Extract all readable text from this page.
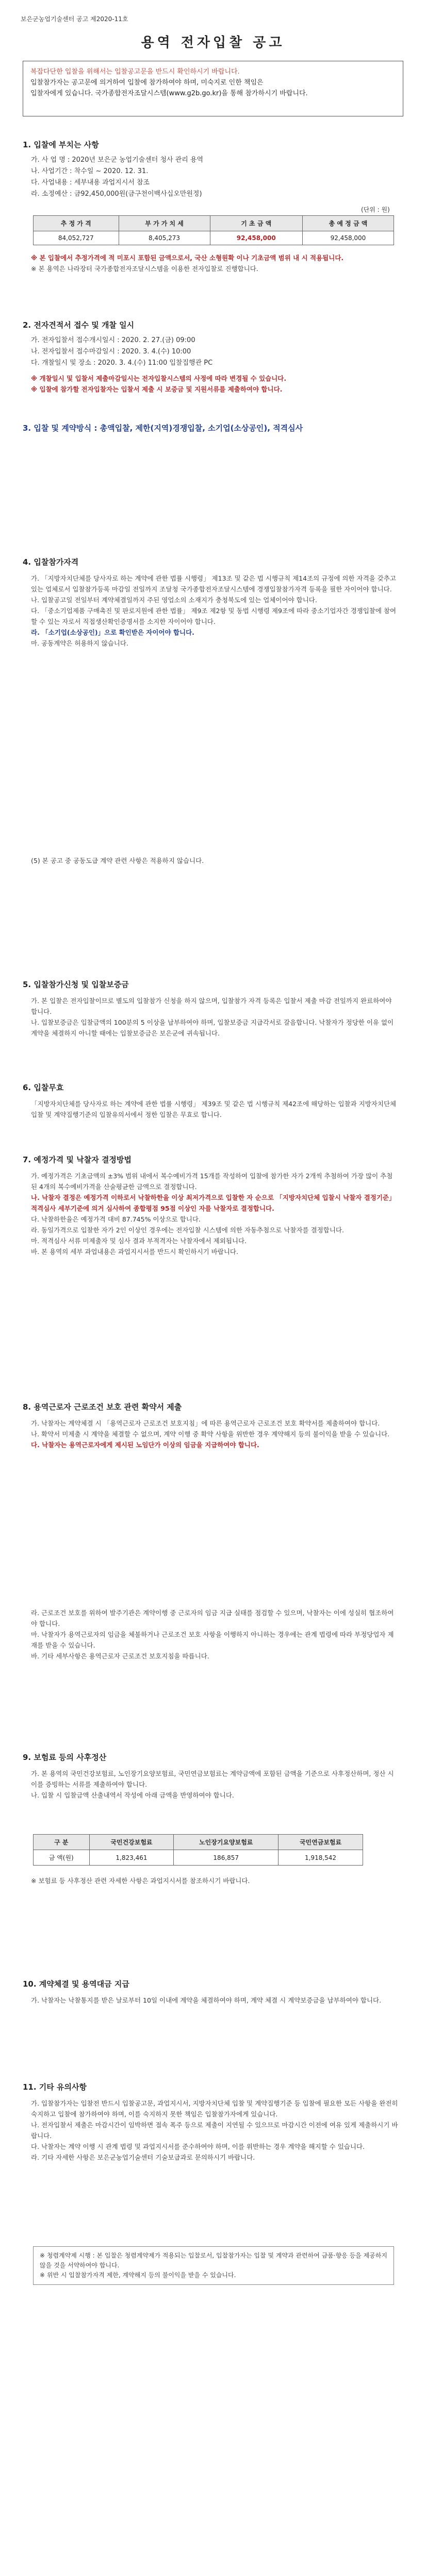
보은군농업기술센터 공고 제2020-11호
용역 전자입찰 공고
복잡다단한 입찰을 위해서는 입찰공고문을 반드시 확인하시기 바랍니다.
입찰참가자는 공고문에 의거하여 입찰에 참가하여야 하며, 미숙지로 인한 책임은
입찰자에게 있습니다. 국가종합전자조달시스템(www.g2b.go.kr)을 통해 참가하시기 바랍니다.
1. 입찰에 부치는 사항
가. 사 업 명 : 2020년 보은군 농업기술센터 청사 관리 용역
나. 사업기간 : 착수일 ~ 2020. 12. 31.
다. 사업내용 : 세부내용 과업지시서 참조
라. 소정예산 : 금92,450,000원(금구천이백사십오만원정)
(단위 : 원)
추 정 가 격	부 가 가 치 세	기 초 금 액	총 예 정 금 액
84,052,727	8,405,273	92,458,000	92,458,000
※ 본 입찰에서 추정가격에 적 미포시 포함된 금액으로서, 국산 소형원확 이나 기초금액 범위 내 시 적용됩니다.
※ 본 용역은 나라장터 국가종합전자조달시스템을 이용한 전자입찰로 진행합니다.
2. 전자견적서 접수 및 개찰 일시
가. 전자입찰서 접수개시일시 : 2020. 2. 27.(금) 09:00
나. 전자입찰서 접수마감일시 : 2020. 3. 4.(수) 10:00
다. 개찰일시 및 장소 : 2020. 3. 4.(수) 11:00 입찰집행관 PC
※ 개찰일시 및 입찰서 제출마감일시는 전자입찰시스템의 사정에 따라 변경될 수 있습니다.
※ 입찰에 참가할 전자입찰자는 입찰서 제출 시 보증금 및 지원서류를 제출하여야 합니다.
3. 입찰 및 계약방식 : 총액입찰, 제한(지역)경쟁입찰, 소기업(소상공인), 적격심사
4. 입찰참가자격
가. 「지방자치단체를 당사자로 하는 계약에 관한 법률 시행령」 제13조 및 같은 법 시행규칙 제14조의 규정에 의한 자격을 갖추고 있는 업체로서 입찰참가등록 마감일 전일까지 조달청 국가종합전자조달시스템에 경쟁입찰참가자격 등록을 필한 자이어야 합니다.
나. 입찰공고일 전일부터 계약체결일까지 주된 영업소의 소재지가 충청북도에 있는 업체이어야 합니다.
다. 「중소기업제품 구매촉진 및 판로지원에 관한 법률」 제9조 제2항 및 동법 시행령 제9조에 따라 중소기업자간 경쟁입찰에 참여할 수 있는 자로서 직접생산확인증명서를 소지한 자이어야 합니다.
라. 「소기업(소상공인)」으로 확인받은 자이어야 합니다.
마. 공동계약은 허용하지 않습니다.
(5) 본 공고 중 공동도급 계약 관련 사항은 적용하지 않습니다.
5. 입찰참가신청 및 입찰보증금
가. 본 입찰은 전자입찰이므로 별도의 입찰참가 신청을 하지 않으며, 입찰참가 자격 등록은 입찰서 제출 마감 전일까지 완료하여야 합니다.
나. 입찰보증금은 입찰금액의 100분의 5 이상을 납부하여야 하며, 입찰보증금 지급각서로 갈음합니다. 낙찰자가 정당한 이유 없이 계약을 체결하지 아니할 때에는 입찰보증금은 보은군에 귀속됩니다.
6. 입찰무효
「지방자치단체를 당사자로 하는 계약에 관한 법률 시행령」 제39조 및 같은 법 시행규칙 제42조에 해당하는 입찰과 지방자치단체 입찰 및 계약집행기준의 입찰유의서에서 정한 입찰은 무효로 합니다.
7. 예정가격 및 낙찰자 결정방법
가. 예정가격은 기초금액의 ±3% 범위 내에서 복수예비가격 15개를 작성하여 입찰에 참가한 자가 2개씩 추첨하여 가장 많이 추첨된 4개의 복수예비가격을 산술평균한 금액으로 결정합니다.
나. 낙찰자 결정은 예정가격 이하로서 낙찰하한율 이상 최저가격으로 입찰한 자 순으로 「지방자치단체 입찰시 낙찰자 결정기준」 적격심사 세부기준에 의거 심사하여 종합평점 95점 이상인 자를 낙찰자로 결정합니다.
다. 낙찰하한율은 예정가격 대비 87.745% 이상으로 합니다.
라. 동일가격으로 입찰한 자가 2인 이상인 경우에는 전자입찰 시스템에 의한 자동추첨으로 낙찰자를 결정합니다.
마. 적격심사 서류 미제출자 및 심사 결과 부적격자는 낙찰자에서 제외됩니다.
바. 본 용역의 세부 과업내용은 과업지시서를 반드시 확인하시기 바랍니다.
8. 용역근로자 근로조건 보호 관련 확약서 제출
가. 낙찰자는 계약체결 시 「용역근로자 근로조건 보호지침」에 따른 용역근로자 근로조건 보호 확약서를 제출하여야 합니다.
나. 확약서 미제출 시 계약을 체결할 수 없으며, 계약 이행 중 확약 사항을 위반한 경우 계약해지 등의 불이익을 받을 수 있습니다.
다. 낙찰자는 용역근로자에게 제시된 노임단가 이상의 임금을 지급하여야 합니다.
라. 근로조건 보호를 위하여 발주기관은 계약이행 중 근로자의 임금 지급 실태를 점검할 수 있으며, 낙찰자는 이에 성실히 협조하여야 합니다.
마. 낙찰자가 용역근로자의 임금을 체불하거나 근로조건 보호 사항을 이행하지 아니하는 경우에는 관계 법령에 따라 부정당업자 제재를 받을 수 있습니다.
바. 기타 세부사항은 용역근로자 근로조건 보호지침을 따릅니다.
9. 보험료 등의 사후정산
가. 본 용역의 국민건강보험료, 노인장기요양보험료, 국민연금보험료는 계약금액에 포함된 금액을 기준으로 사후정산하며, 정산 시 이를 증빙하는 서류를 제출하여야 합니다.
나. 입찰 시 입찰금액 산출내역서 작성에 아래 금액을 반영하여야 합니다.
구 분	국민건강보험료	노인장기요양보험료	국민연금보험료
금 액(원)	1,823,461	186,857	1,918,542
※ 보험료 등 사후정산 관련 자세한 사항은 과업지시서를 참조하시기 바랍니다.
10. 계약체결 및 용역대금 지급
가. 낙찰자는 낙찰통지를 받은 날로부터 10일 이내에 계약을 체결하여야 하며, 계약 체결 시 계약보증금을 납부하여야 합니다.
11. 기타 유의사항
가. 입찰참가자는 입찰전 반드시 입찰공고문, 과업지시서, 지방자치단체 입찰 및 계약집행기준 등 입찰에 필요한 모든 사항을 완전히 숙지하고 입찰에 참가하여야 하며, 이를 숙지하지 못한 책임은 입찰참가자에게 있습니다.
나. 전자입찰서 제출은 마감시간이 임박하면 접속 폭주 등으로 제출이 지연될 수 있으므로 마감시간 이전에 여유 있게 제출하시기 바랍니다.
다. 낙찰자는 계약 이행 시 관계 법령 및 과업지시서를 준수하여야 하며, 이를 위반하는 경우 계약을 해지할 수 있습니다.
라. 기타 자세한 사항은 보은군농업기술센터 기술보급과로 문의하시기 바랍니다.
※ 청렴계약제 시행 : 본 입찰은 청렴계약제가 적용되는 입찰로서, 입찰참가자는 입찰 및 계약과 관련하여 금품·향응 등을 제공하지 않을 것을 서약하여야 합니다.
※ 위반 시 입찰참가자격 제한, 계약해지 등의 불이익을 받을 수 있습니다.
